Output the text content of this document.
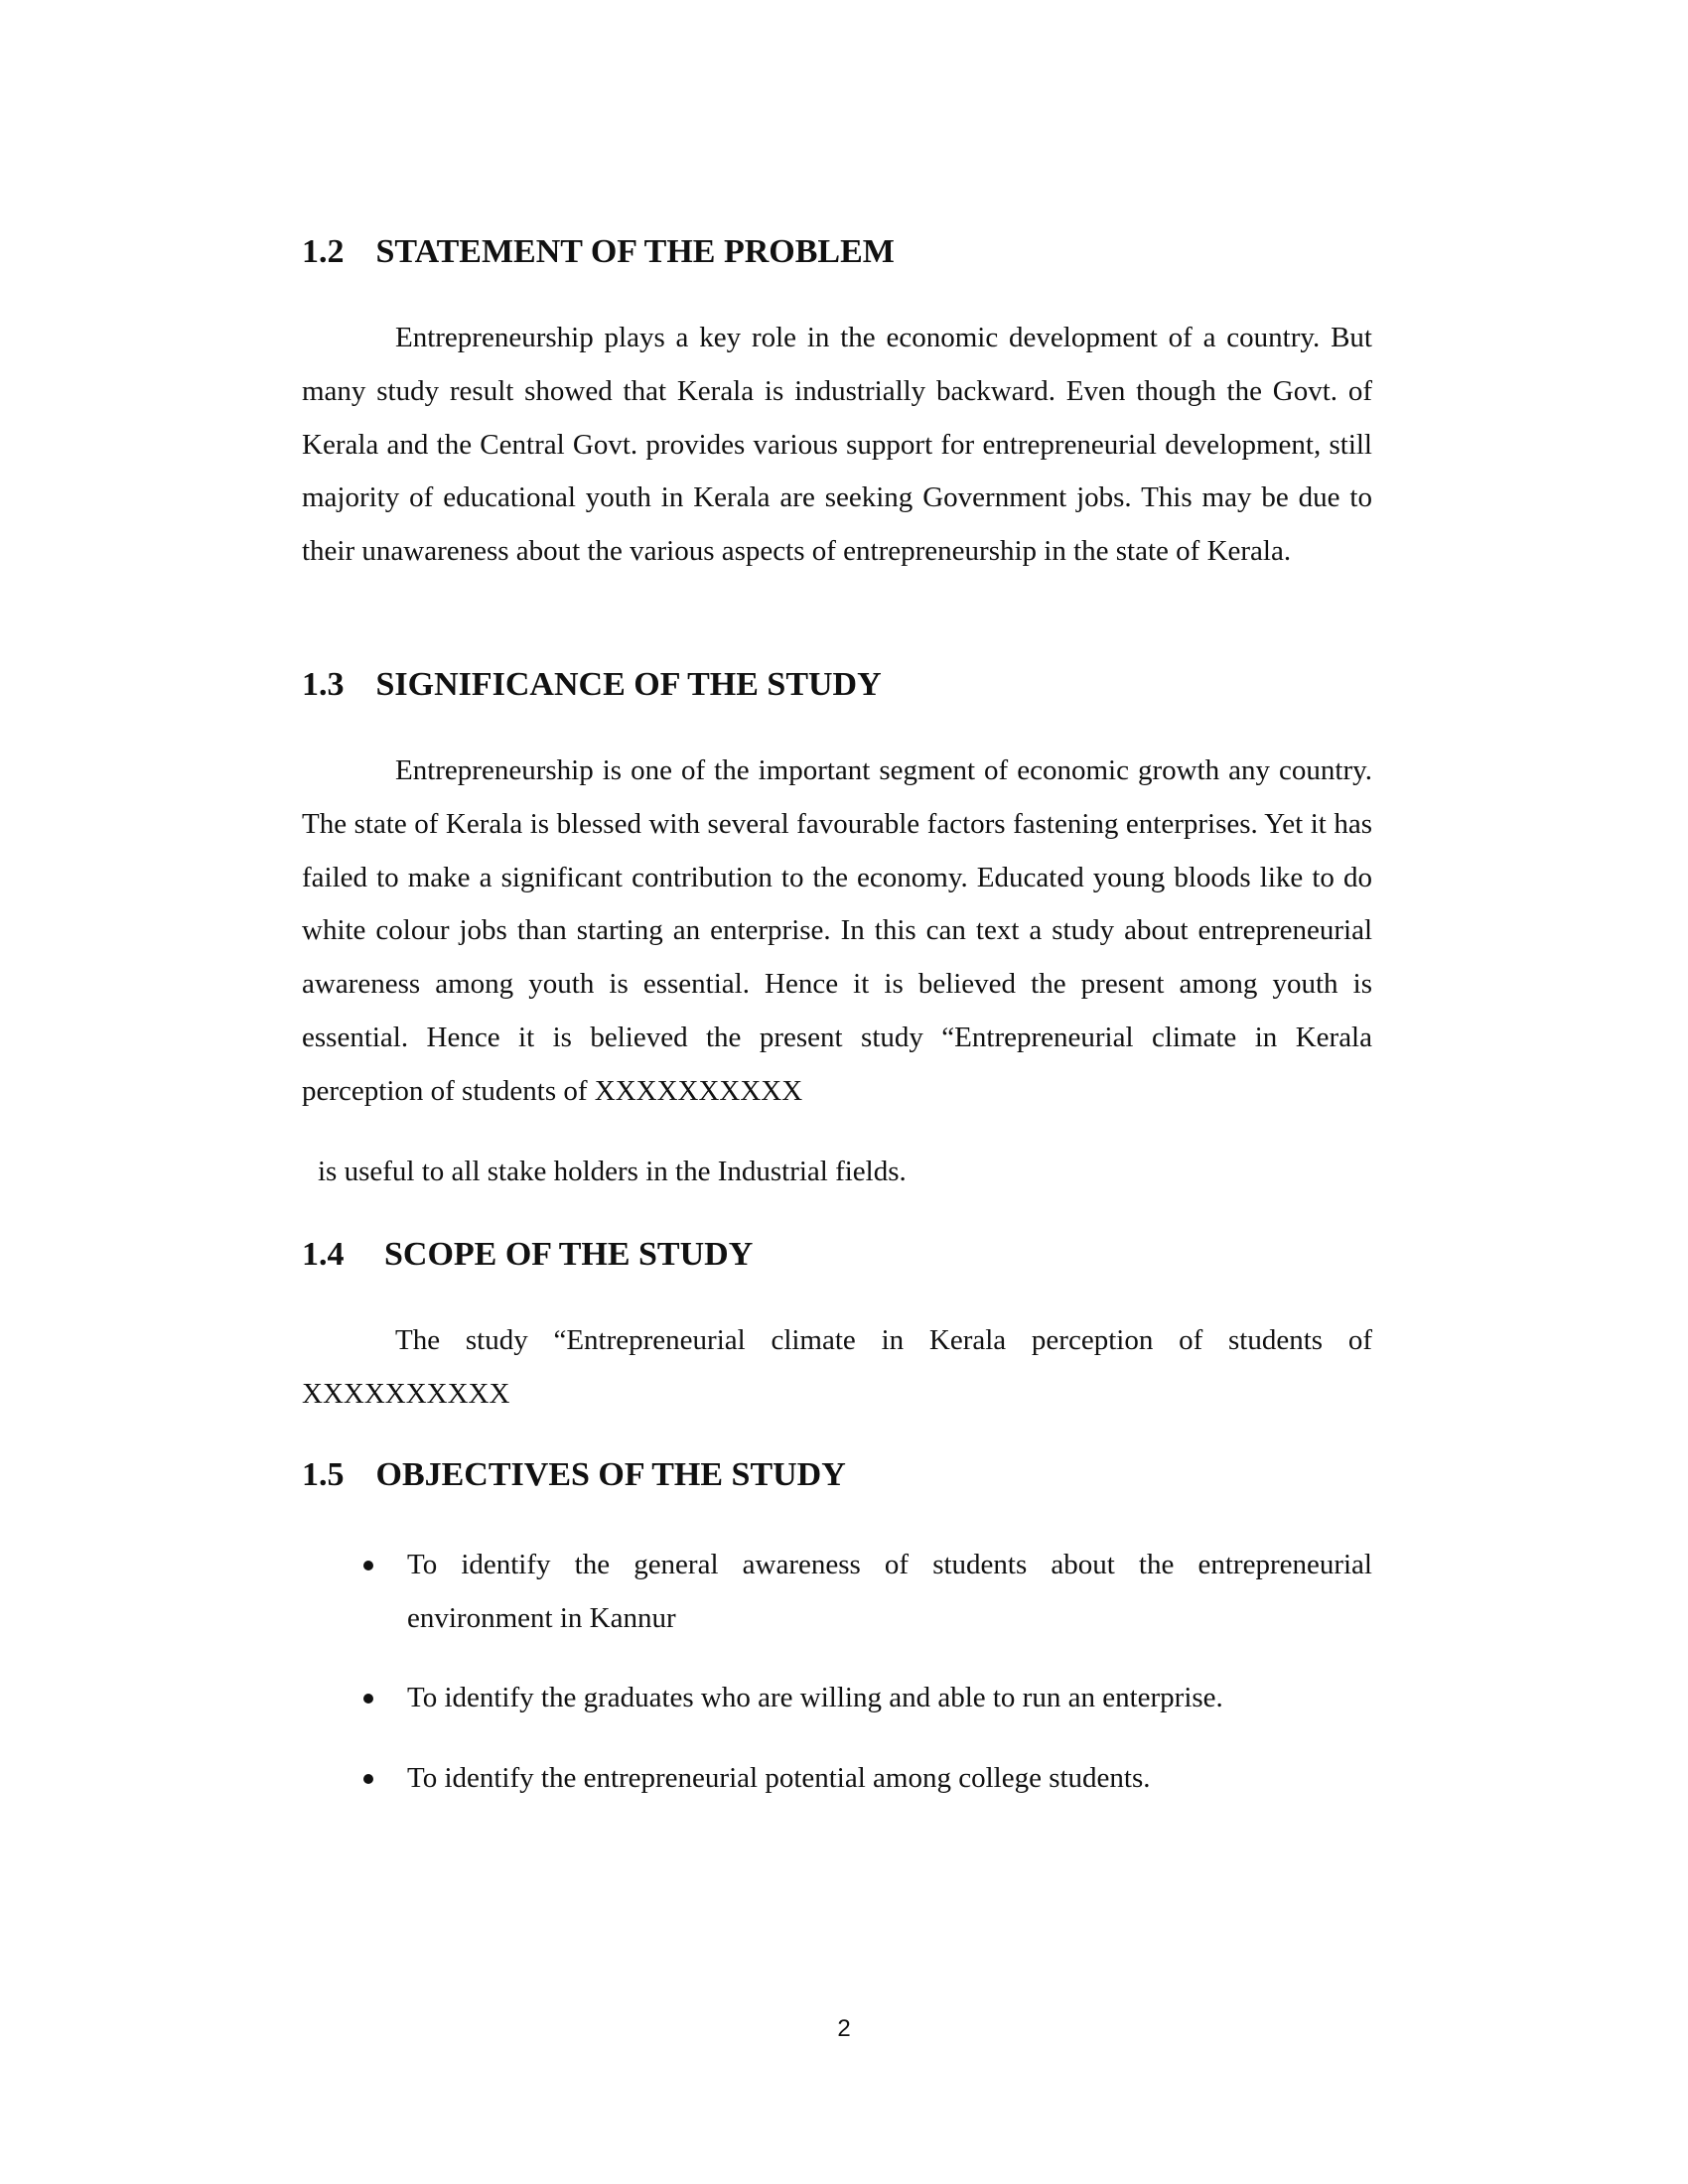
1.2 STATEMENT OF THE PROBLEM

Entrepreneurship plays a key role in the economic development of a country. But many study result showed that Kerala is industrially backward. Even though the Govt. of Kerala and the Central Govt. provides various support for entrepreneurial development, still majority of educational youth in Kerala are seeking Government jobs. This may be due to their unawareness about the various aspects of entrepreneurship in the state of Kerala.

1.3 SIGNIFICANCE OF THE STUDY

Entrepreneurship is one of the important segment of economic growth any country. The state of Kerala is blessed with several favourable factors fastening enterprises. Yet it has failed to make a significant contribution to the economy. Educated young bloods like to do white colour jobs than starting an enterprise. In this can text a study about entrepreneurial awareness among youth is essential. Hence it is believed the present among youth is essential. Hence it is believed the present study “Entrepreneurial climate in Kerala perception of students of XXXXXXXXXX

is useful to all stake holders in the Industrial fields.

1.4 SCOPE OF THE STUDY

The study “Entrepreneurial climate in Kerala perception of students of XXXXXXXXXX

1.5 OBJECTIVES OF THE STUDY
To identify the general awareness of students about the entrepreneurial environment in Kannur
To identify the graduates who are willing and able to run an enterprise.
To identify the entrepreneurial potential among college students.
2
